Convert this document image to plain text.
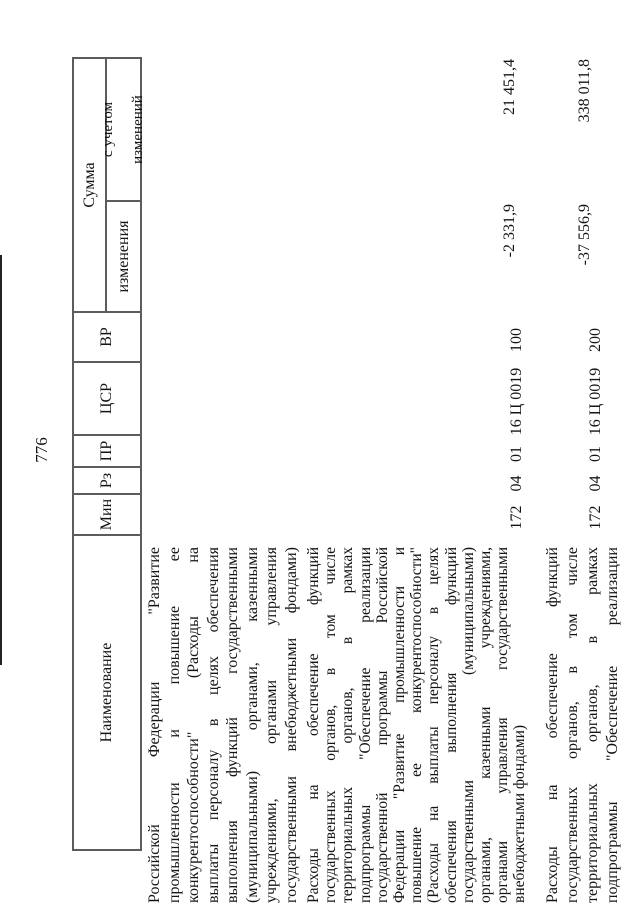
776
Наименование
Мин
Рз
ПР
ЦСР
ВР
Сумма
изменения
с учетом изменений
Российской Федерации "Развитие промышленности и повышение ее конкурентоспособности" (Расходы на выплаты персоналу в целях обеспечения выполнения функций государственными (муниципальными) органами, казенными учреждениями, органами управления государственными внебюджетными фондами) Расходы на обеспечение функций государственных органов, в том числе территориальных органов, в рамках подпрограммы "Обеспечение реализации государственной программы Российской Федерации "Развитие промышленности и повышение ее конкурентоспособности" (Расходы на выплаты персоналу в целях обеспечения выполнения функций государственными (муниципальными) органами, казенными учреждениями, органами управления государственными внебюджетными фондами) Расходы на обеспечение функций государственных органов, в том числе территориальных органов, в рамках подпрограммы "Обеспечение реализации
172
04
01
16 Ц 0019
100
-2 331,9
21 451,4
172
04
01
16 Ц 0019
200
-37 556,9
338 011,8
